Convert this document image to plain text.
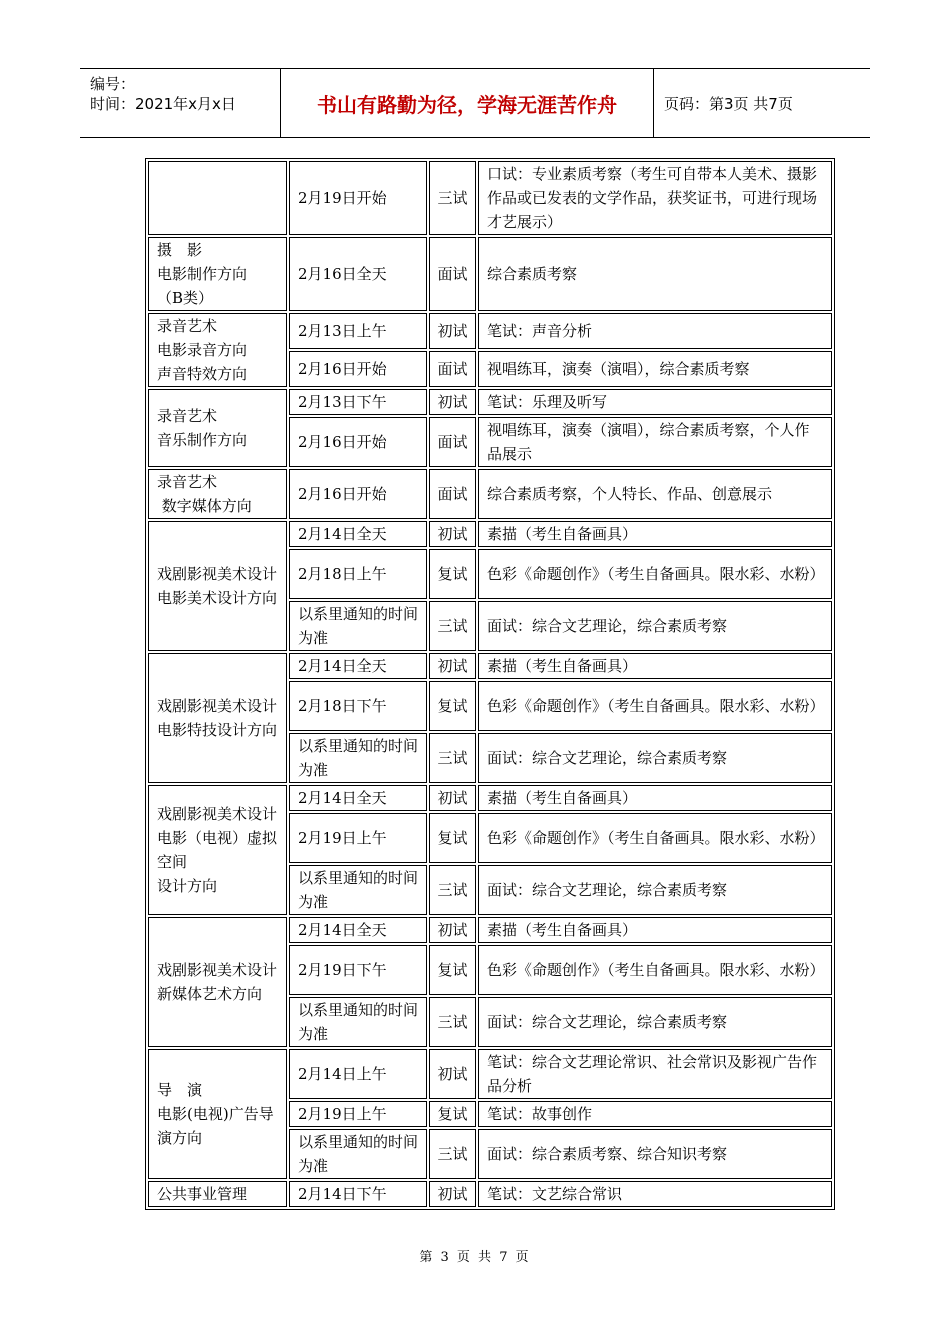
编号：
时间：2021年x月x日	书山有路勤为径，学海无涯苦作舟	页码：第3页 共7页
	2月19日开始	三试	口试：专业素质考察（考生可自带本人美术、摄影作品或已发表的文学作品，获奖证书，可进行现场才艺展示）
摄　影
电影制作方向
（B类）	2月16日全天	面试	综合素质考察
录音艺术
电影录音方向
声音特效方向	2月13日上午	初试	笔试：声音分析
	2月16日开始	面试	视唱练耳，演奏（演唱），综合素质考察
录音艺术
音乐制作方向	2月13日下午	初试	笔试：乐理及听写
	2月16日开始	面试	视唱练耳，演奏（演唱），综合素质考察，个人作品展示
录音艺术
数字媒体方向	2月16日开始	面试	综合素质考察，个人特长、作品、创意展示
戏剧影视美术设计
电影美术设计方向	2月14日全天	初试	素描（考生自备画具）
	2月18日上午	复试	色彩《命题创作》（考生自备画具。限水彩、水粉）
	以系里通知的时间为准	三试	面试：综合文艺理论，综合素质考察
戏剧影视美术设计
电影特技设计方向	2月14日全天	初试	素描（考生自备画具）
	2月18日下午	复试	色彩《命题创作》（考生自备画具。限水彩、水粉）
	以系里通知的时间为准	三试	面试：综合文艺理论，综合素质考察
戏剧影视美术设计
电影（电视）虚拟空间
设计方向	2月14日全天	初试	素描（考生自备画具）
	2月19日上午	复试	色彩《命题创作》（考生自备画具。限水彩、水粉）
	以系里通知的时间为准	三试	面试：综合文艺理论，综合素质考察
戏剧影视美术设计
新媒体艺术方向	2月14日全天	初试	素描（考生自备画具）
	2月19日下午	复试	色彩《命题创作》（考生自备画具。限水彩、水粉）
	以系里通知的时间为准	三试	面试：综合文艺理论，综合素质考察
导　演
电影(电视)广告导演方向	2月14日上午	初试	笔试：综合文艺理论常识、社会常识及影视广告作品分析
	2月19日上午	复试	笔试：故事创作
	以系里通知的时间为准	三试	面试：综合素质考察、综合知识考察
公共事业管理	2月14日下午	初试	笔试：文艺综合常识
第 3 页 共 7 页
